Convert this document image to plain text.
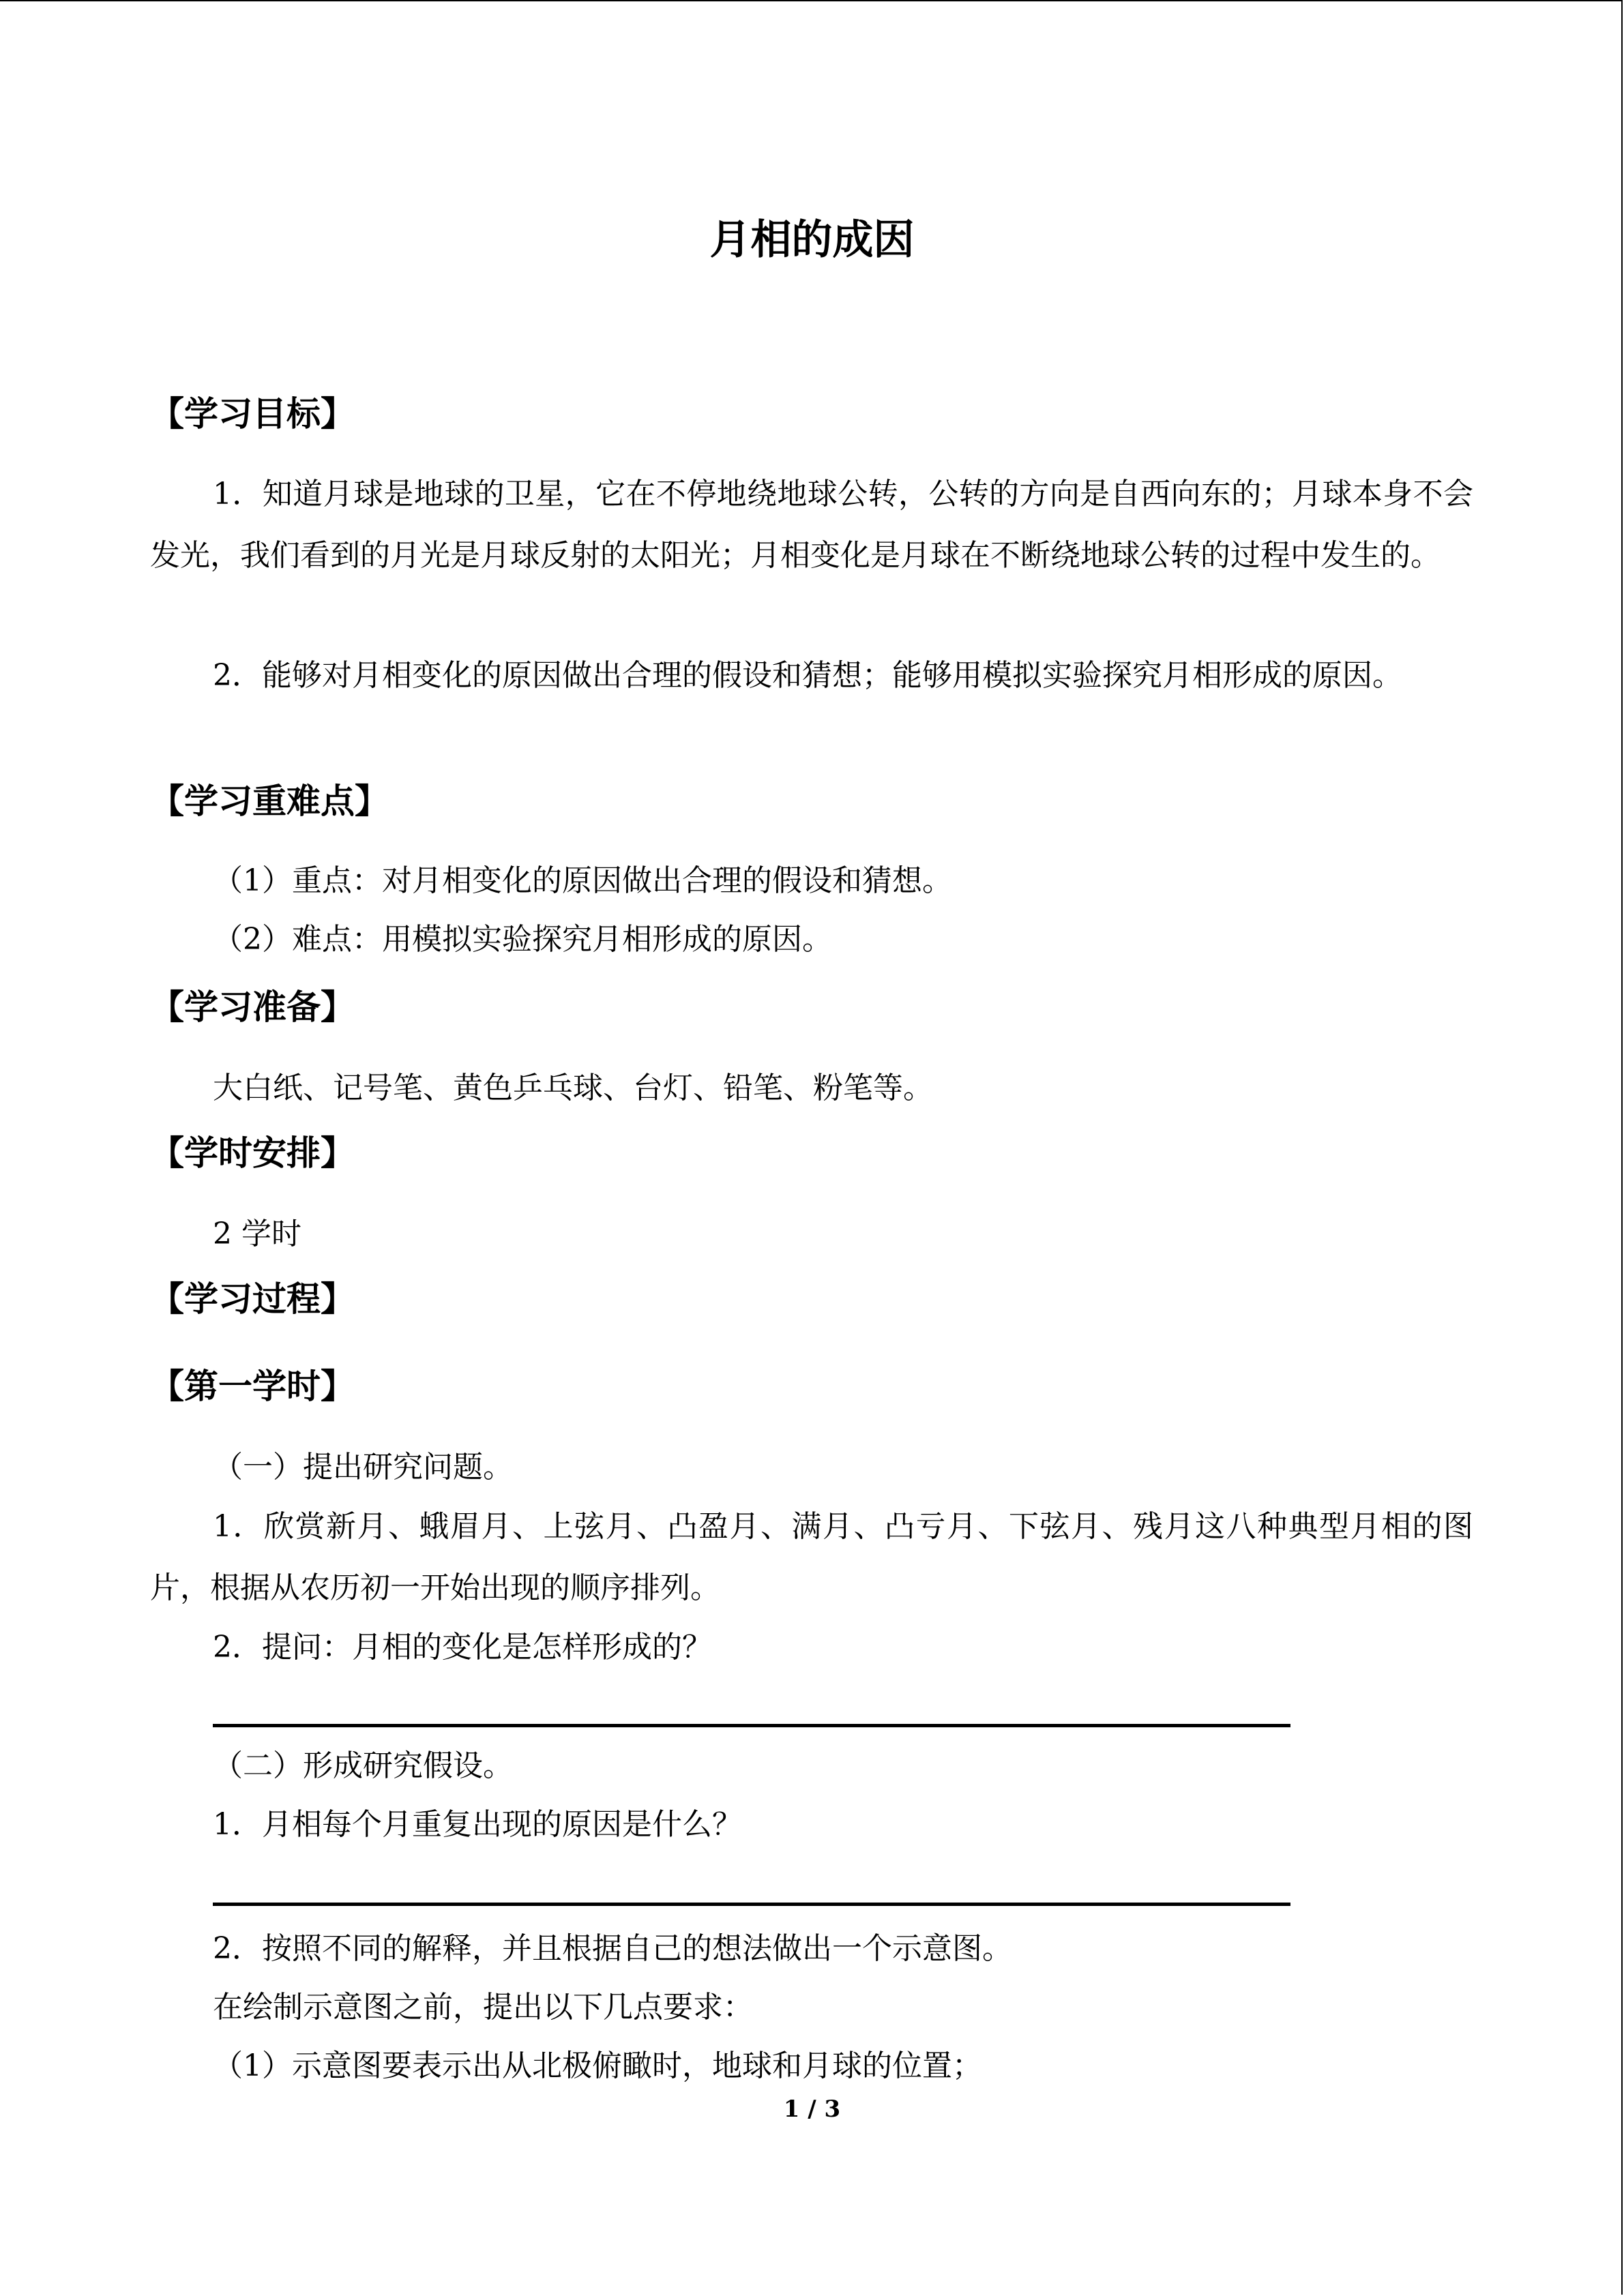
月相的成因
【学习目标】
1．知道月球是地球的卫星，它在不停地绕地球公转，公转的方向是自西向东的；月球本身不会发光，我们看到的月光是月球反射的太阳光；月相变化是月球在不断绕地球公转的过程中发生的。
2．能够对月相变化的原因做出合理的假设和猜想；能够用模拟实验探究月相形成的原因。
【学习重难点】
（1）重点：对月相变化的原因做出合理的假设和猜想。
（2）难点：用模拟实验探究月相形成的原因。
【学习准备】
大白纸、记号笔、黄色乒乓球、台灯、铅笔、粉笔等。
【学时安排】
2 学时
【学习过程】
【第一学时】
（一）提出研究问题。
1．欣赏新月、蛾眉月、上弦月、凸盈月、满月、凸亏月、下弦月、残月这八种典型月相的图片，根据从农历初一开始出现的顺序排列。
2．提问：月相的变化是怎样形成的？
（二）形成研究假设。
1．月相每个月重复出现的原因是什么？
2．按照不同的解释，并且根据自己的想法做出一个示意图。
在绘制示意图之前，提出以下几点要求：
（1）示意图要表示出从北极俯瞰时，地球和月球的位置；
1 / 3
